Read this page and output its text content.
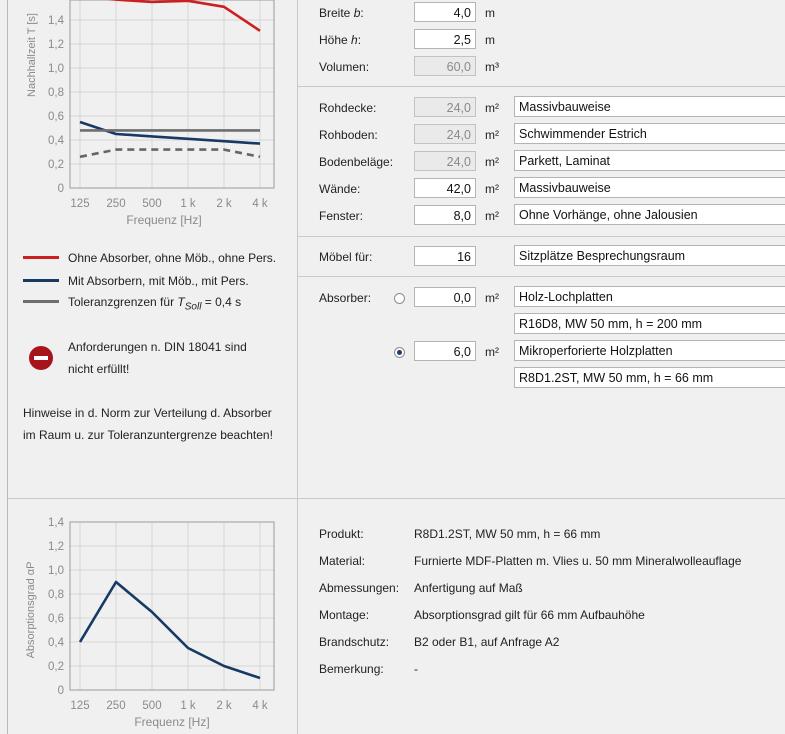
0
0,2
0,4
0,6
0,8
1,0
1,2
1,4
125 250 500 1 k 2 k 4 k
Frequenz [Hz]
Nachhallzeit T [s]
Ohne Absorber, ohne Möb., ohne Pers.
Mit Absorbern, mit Möb., mit Pers.
Toleranzgrenzen für $T_{Soll} = 0,4$ s
Anforderungen n. DIN 18041 sind
nicht erfüllt!
Hinweise in d. Norm zur Verteilung d. Absorber
im Raum u. zur Toleranzuntergrenze beachten!
0
0,2
0,4
0,6
0,8
1,0
1,2
1,4
125 250 500 1 k 2 k 4 k
Frequenz [Hz]
Absorptionsgrad αP
Breite b:	4,0	m
Höhe h:	2,5	m
Volumen:	60,0	m³
Rohdecke:	24,0	m²	Massivbauweise
Rohboden:	24,0	m²	Schwimmender Estrich
Bodenbeläge:	24,0	m²	Parkett, Laminat
Wände:	42,0	m²	Massivbauweise
Fenster:	8,0	m²	Ohne Vorhänge, ohne Jalousien
Möbel für:	16	Sitzplätze Besprechungsraum
Absorber:	0,0	m²	Holz-Lochplatten
R16D8, MW 50 mm, h = 200 mm
6,0	m²	Mikroperforierte Holzplatten
R8D1.2ST, MW 50 mm, h = 66 mm
Produkt:	R8D1.2ST, MW 50 mm, h = 66 mm
Material:	Furnierte MDF-Platten m. Vlies u. 50 mm Mineralwolleauflage
Abmessungen: Anfertigung auf Maß
Montage:	Absorptionsgrad gilt für 66 mm Aufbauhöhe
Brandschutz: B2 oder B1, auf Anfrage A2
Bemerkung:	-
